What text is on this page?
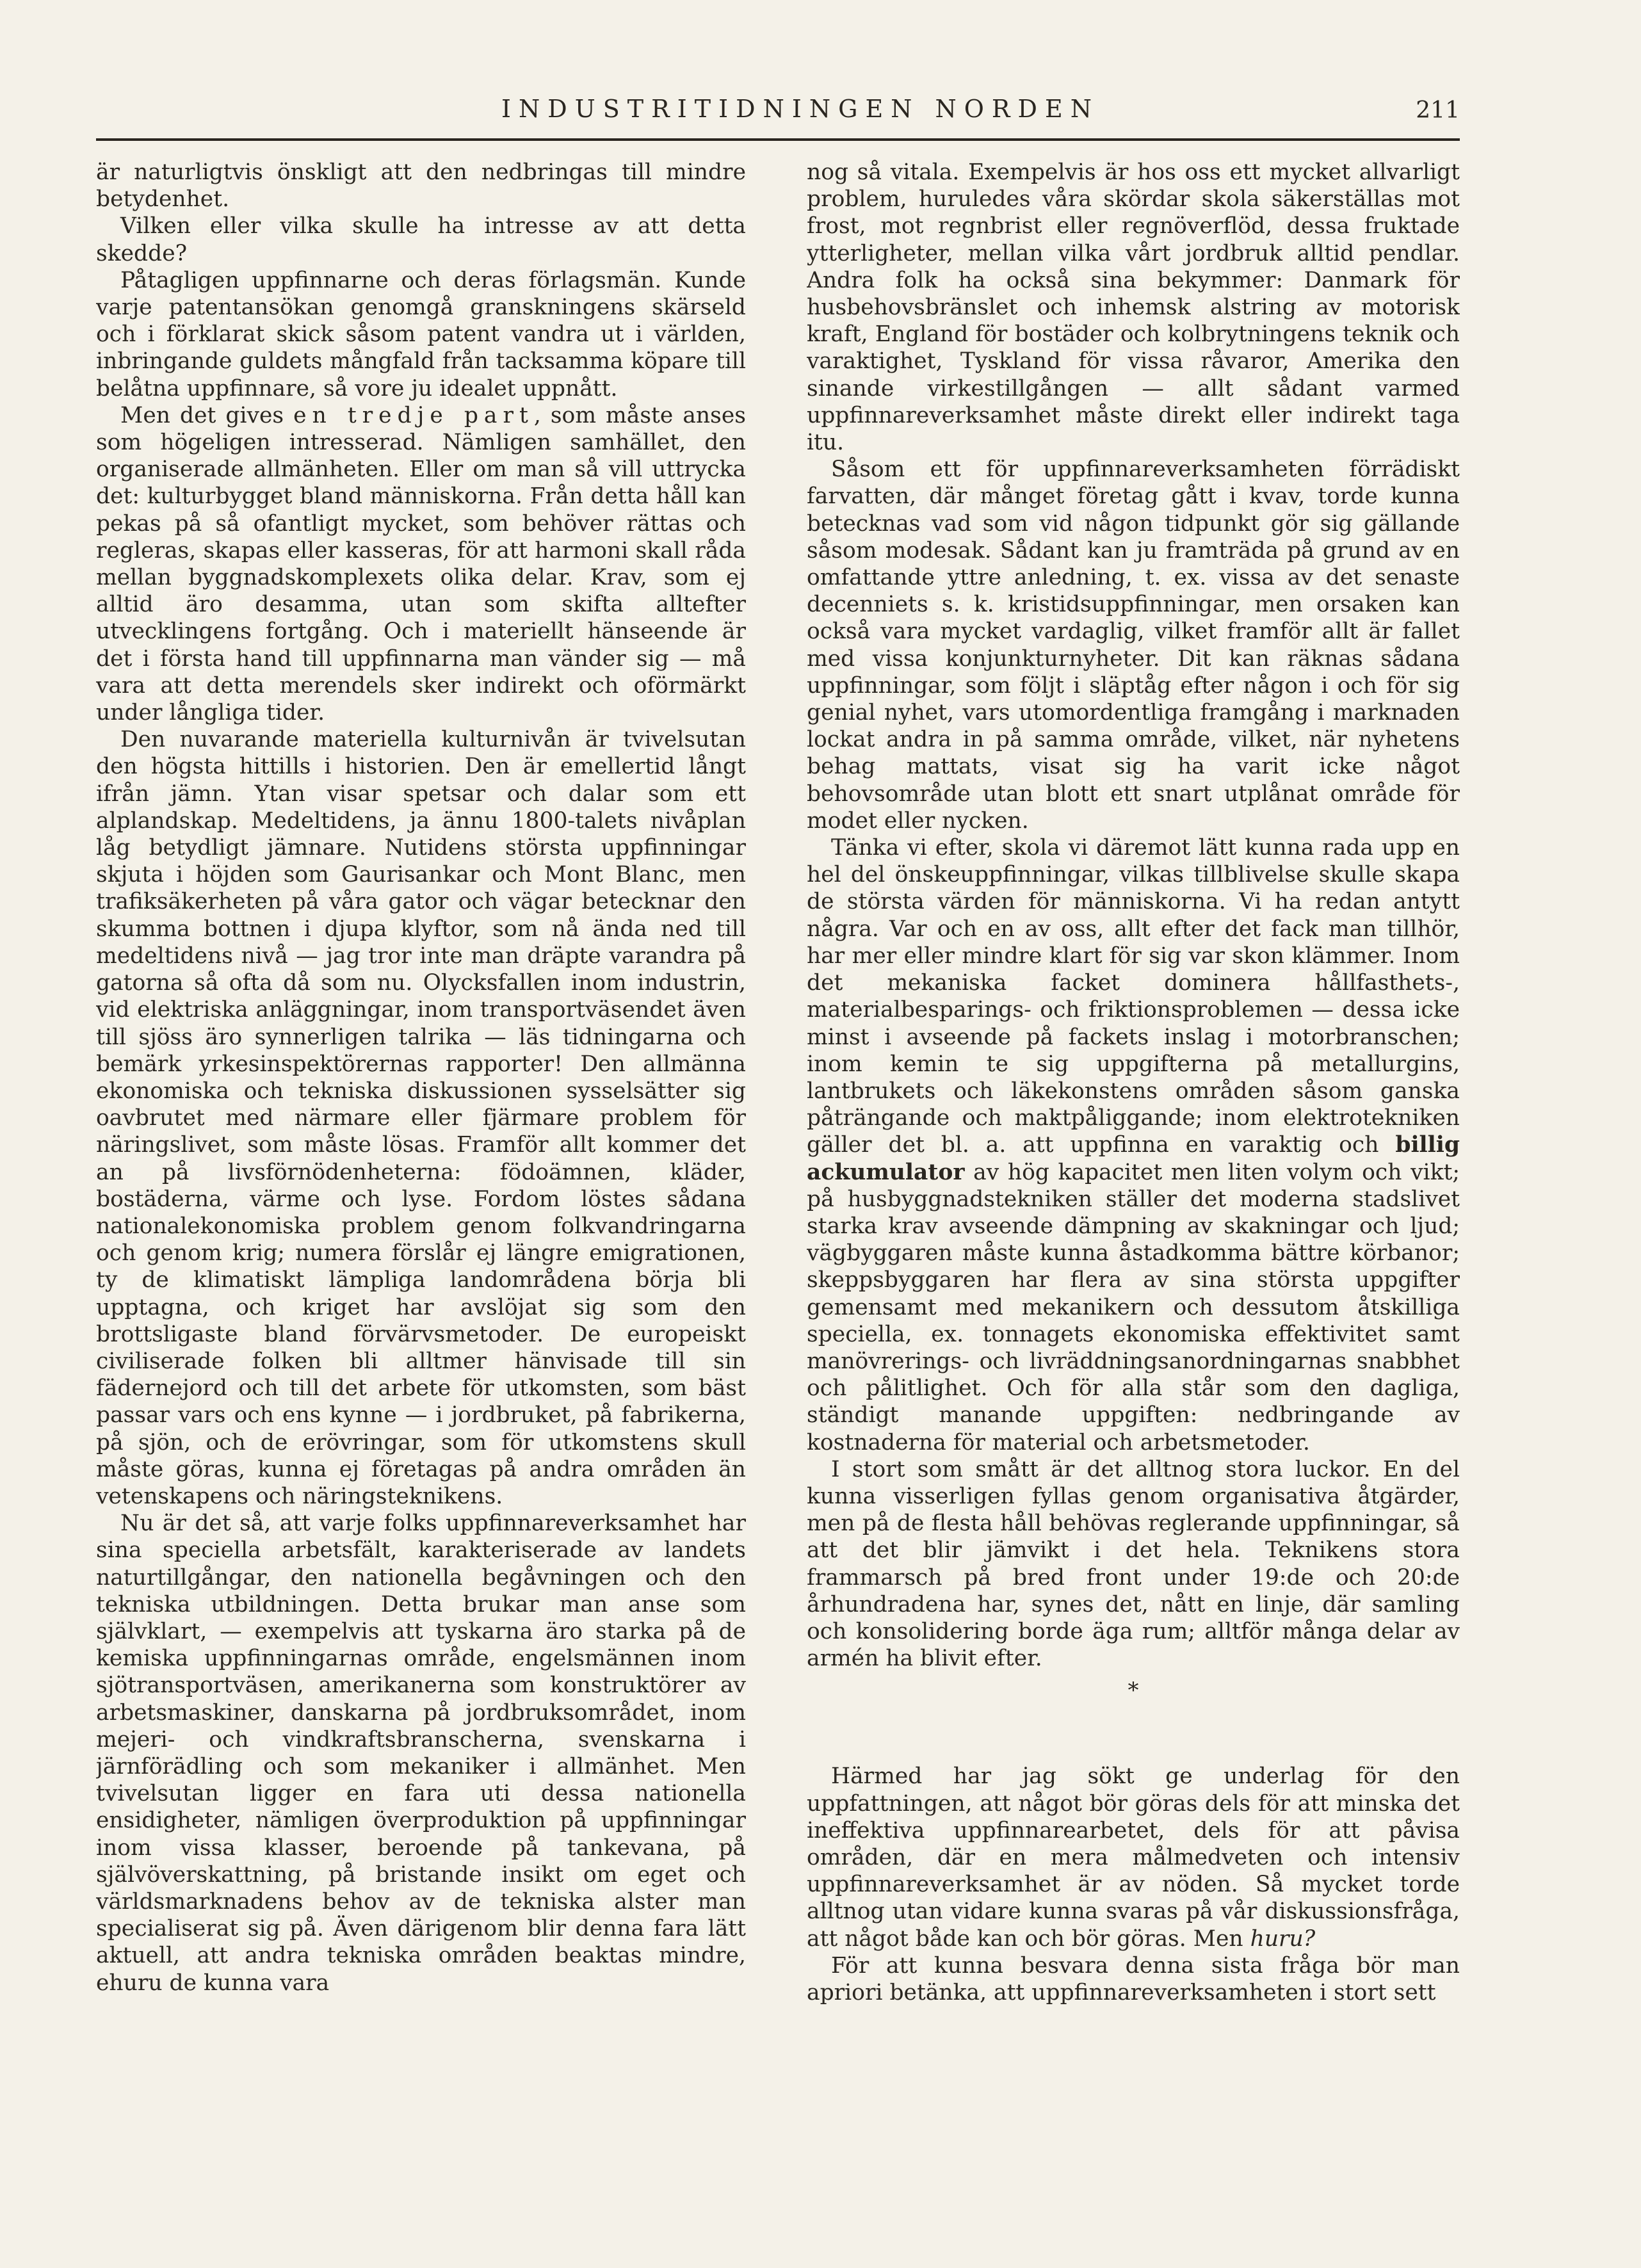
INDUSTRITIDNINGEN NORDEN	211

är naturligtvis önskligt att den nedbringas till mindre betydenhet.

Vilken eller vilka skulle ha intresse av att detta skedde?

Påtagligen uppfinnarne och deras förlagsmän. Kunde varje patentansökan genomgå granskningens skärseld och i förklarat skick såsom patent vandra ut i världen, inbringande guldets mångfald från tacksamma köpare till belåtna uppfinnare, så vore ju idealet uppnått.

Men det gives en tredje part, som måste anses som högeligen intresserad. Nämligen samhället, den organiserade allmänheten. Eller om man så vill uttrycka det: kulturbygget bland människorna. Från detta håll kan pekas på så ofantligt mycket, som behöver rättas och regleras, skapas eller kasseras, för att harmoni skall råda mellan byggnadskomplexets olika delar. Krav, som ej alltid äro desamma, utan som skifta alltefter utvecklingens fortgång. Och i materiellt hänseende är det i första hand till uppfinnarna man vänder sig — må vara att detta merendels sker indirekt och oförmärkt under långliga tider.

Den nuvarande materiella kulturnivån är tvivelsutan den högsta hittills i historien. Den är emellertid långt ifrån jämn. Ytan visar spetsar och dalar som ett alplandskap. Medeltidens, ja ännu 1800-talets nivåplan låg betydligt jämnare. Nutidens största uppfinningar skjuta i höjden som Gaurisankar och Mont Blanc, men trafiksäkerheten på våra gator och vägar betecknar den skumma bottnen i djupa klyftor, som nå ända ned till medeltidens nivå — jag tror inte man dräpte varandra på gatorna så ofta då som nu. Olycksfallen inom industrin, vid elektriska anläggningar, inom transportväsendet även till sjöss äro synnerligen talrika — läs tidningarna och bemärk yrkesinspektörernas rapporter! Den allmänna ekonomiska och tekniska diskussionen sysselsätter sig oavbrutet med närmare eller fjärmare problem för näringslivet, som måste lösas. Framför allt kommer det an på livsförnödenheterna: födoämnen, kläder, bostäderna, värme och lyse. Fordom löstes sådana nationalekonomiska problem genom folkvandringarna och genom krig; numera förslår ej längre emigrationen, ty de klimatiskt lämpliga landområdena börja bli upptagna, och kriget har avslöjat sig som den brottsligaste bland förvärvsmetoder. De europeiskt civiliserade folken bli alltmer hänvisade till sin fädernejord och till det arbete för utkomsten, som bäst passar vars och ens kynne — i jordbruket, på fabrikerna, på sjön, och de erövringar, som för utkomstens skull måste göras, kunna ej företagas på andra områden än vetenskapens och näringsteknikens.

Nu är det så, att varje folks uppfinnareverksamhet har sina speciella arbetsfält, karakteriserade av landets naturtillgångar, den nationella begåvningen och den tekniska utbildningen. Detta brukar man anse som självklart, — exempelvis att tyskarna äro starka på de kemiska uppfinningarnas område, engelsmännen inom sjötransportväsen, amerikanerna som konstruktörer av arbetsmaskiner, danskarna på jordbruksområdet, inom mejeri- och vindkraftsbranscherna, svenskarna i järnförädling och som mekaniker i allmänhet. Men tvivelsutan ligger en fara uti dessa nationella ensidigheter, nämligen överproduktion på uppfinningar inom vissa klasser, beroende på tankevana, på självöverskattning, på bristande insikt om eget och världsmarknadens behov av de tekniska alster man specialiserat sig på. Även därigenom blir denna fara lätt aktuell, att andra tekniska områden beaktas mindre, ehuru de kunna vara

nog så vitala. Exempelvis är hos oss ett mycket allvarligt problem, huruledes våra skördar skola säkerställas mot frost, mot regnbrist eller regnöverflöd, dessa fruktade ytterligheter, mellan vilka vårt jordbruk alltid pendlar. Andra folk ha också sina bekymmer: Danmark för husbehovsbränslet och inhemsk alstring av motorisk kraft, England för bostäder och kolbrytningens teknik och varaktighet, Tyskland för vissa råvaror, Amerika den sinande virkestillgången — allt sådant varmed uppfinnareverksamhet måste direkt eller indirekt taga itu.

Såsom ett för uppfinnareverksamheten förrädiskt farvatten, där månget företag gått i kvav, torde kunna betecknas vad som vid någon tidpunkt gör sig gällande såsom modesak. Sådant kan ju framträda på grund av en omfattande yttre anledning, t. ex. vissa av det senaste decenniets s. k. kristidsuppfinningar, men orsaken kan också vara mycket vardaglig, vilket framför allt är fallet med vissa konjunkturnyheter. Dit kan räknas sådana uppfinningar, som följt i släptåg efter någon i och för sig genial nyhet, vars utomordentliga framgång i marknaden lockat andra in på samma område, vilket, när nyhetens behag mattats, visat sig ha varit icke något behovsområde utan blott ett snart utplånat område för modet eller nycken.

Tänka vi efter, skola vi däremot lätt kunna rada upp en hel del önskeuppfinningar, vilkas tillblivelse skulle skapa de största värden för människorna. Vi ha redan antytt några. Var och en av oss, allt efter det fack man tillhör, har mer eller mindre klart för sig var skon klämmer. Inom det mekaniska facket dominera hållfasthets-, materialbesparings- och friktionsproblemen — dessa icke minst i avseende på fackets inslag i motorbranschen; inom kemin te sig uppgifterna på metallurgins, lantbrukets och läkekonstens områden såsom ganska påträngande och maktpåliggande; inom elektrotekniken gäller det bl. a. att uppfinna en varaktig och billig ackumulator av hög kapacitet men liten volym och vikt; på husbyggnadstekniken ställer det moderna stadslivet starka krav avseende dämpning av skakningar och ljud; vägbyggaren måste kunna åstadkomma bättre körbanor; skeppsbyggaren har flera av sina största uppgifter gemensamt med mekanikern och dessutom åtskilliga speciella, ex. tonnagets ekonomiska effektivitet samt manövrerings- och livräddningsanordningarnas snabbhet och pålitlighet. Och för alla står som den dagliga, ständigt manande uppgiften: nedbringande av kostnaderna för material och arbetsmetoder.

I stort som smått är det alltnog stora luckor. En del kunna visserligen fyllas genom organisativa åtgärder, men på de flesta håll behövas reglerande uppfinningar, så att det blir jämvikt i det hela. Teknikens stora frammarsch på bred front under 19:de och 20:de århundradena har, synes det, nått en linje, där samling och konsolidering borde äga rum; alltför många delar av armén ha blivit efter.

*

Härmed har jag sökt ge underlag för den uppfattningen, att något bör göras dels för att minska det ineffektiva uppfinnarearbetet, dels för att påvisa områden, där en mera målmedveten och intensiv uppfinnareverksamhet är av nöden. Så mycket torde alltnog utan vidare kunna svaras på vår diskussionsfråga, att något både kan och bör göras. Men huru?

För att kunna besvara denna sista fråga bör man apriori betänka, att uppfinnareverksamheten i stort sett
